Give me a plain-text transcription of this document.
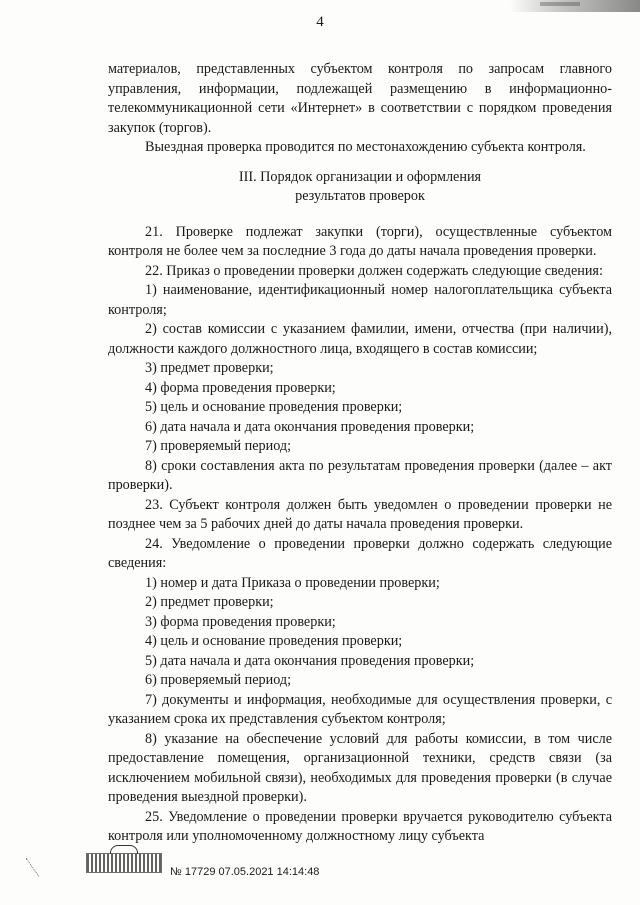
4

материалов, представленных субъектом контроля по запросам главного управления, информации, подлежащей размещению в информационно-телекоммуникационной сети «Интернет» в соответствии с порядком проведения закупок (торгов).

Выездная проверка проводится по местонахождению субъекта контроля.

III. Порядок организации и оформления
результатов проверок

21. Проверке подлежат закупки (торги), осуществленные субъектом контроля не более чем за последние 3 года до даты начала проведения проверки.

22. Приказ о проведении проверки должен содержать следующие сведения:

1) наименование, идентификационный номер налогоплательщика субъекта контроля;

2) состав комиссии с указанием фамилии, имени, отчества (при наличии), должности каждого должностного лица, входящего в состав комиссии;

3) предмет проверки;

4) форма проведения проверки;

5) цель и основание проведения проверки;

6) дата начала и дата окончания проведения проверки;

7) проверяемый период;

8) сроки составления акта по результатам проведения проверки (далее – акт проверки).

23. Субъект контроля должен быть уведомлен о проведении проверки не позднее чем за 5 рабочих дней до даты начала проведения проверки.

24. Уведомление о проведении проверки должно содержать следующие сведения:

1) номер и дата Приказа о проведении проверки;

2) предмет проверки;

3) форма проведения проверки;

4) цель и основание проведения проверки;

5) дата начала и дата окончания проведения проверки;

6) проверяемый период;

7) документы и информация, необходимые для осуществления проверки, с указанием срока их представления субъектом контроля;

8) указание на обеспечение условий для работы комиссии, в том числе предоставление помещения, организационной техники, средств связи (за исключением мобильной связи), необходимых для проведения проверки (в случае проведения выездной проверки).

25. Уведомление о проведении проверки вручается руководителю субъекта контроля или уполномоченному должностному лицу субъекта

№ 17729 07.05.2021 14:14:48
